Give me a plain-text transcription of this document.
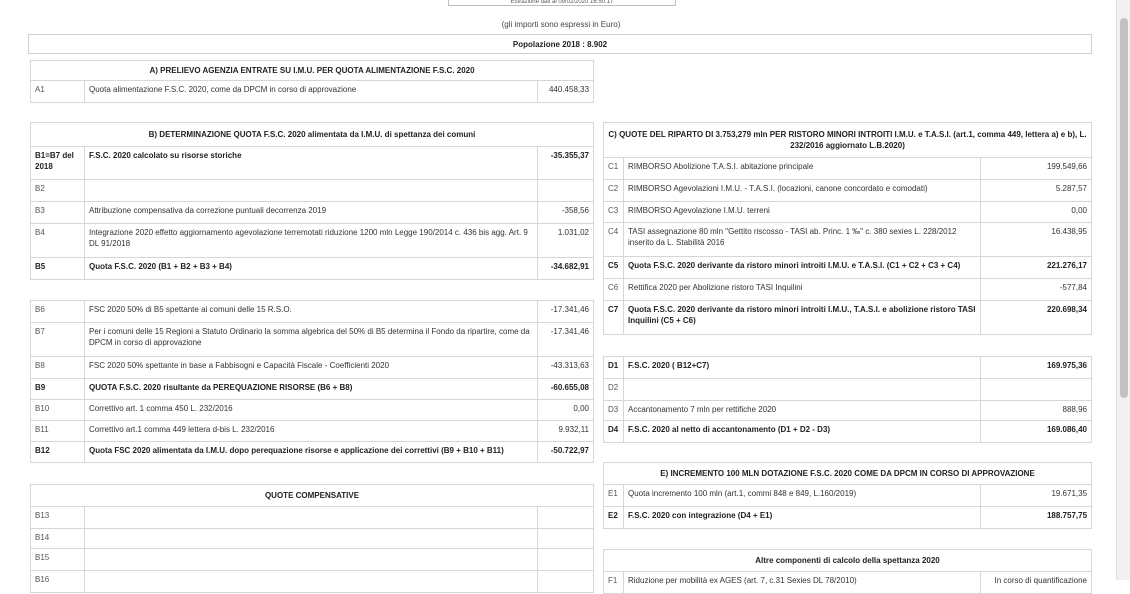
Estrazione dati al 09/02/2020 16:50:17
(gli importi sono espressi in Euro)
Popolazione 2018 : 8.902
A) PRELIEVO AGENZIA ENTRATE SU I.M.U. PER QUOTA ALIMENTAZIONE F.S.C. 2020
A1	Quota alimentazione F.S.C. 2020, come da DPCM in corso di approvazione	440.458,33
B) DETERMINAZIONE QUOTA F.S.C. 2020 alimentata da I.M.U. di spettanza dei comuni		
B1=B7 del 2018	F.S.C. 2020 calcolato su risorse storiche	-35.355,37
B2		
B3	Attribuzione compensativa da correzione puntuali decorrenza 2019	-358,56
B4	Integrazione 2020 effetto aggiornamento agevolazione terremotati riduzione 1200 mln Legge 190/2014 c. 436 bis agg. Art. 9 DL 91/2018	1.031,02
B5	Quota F.S.C. 2020 (B1 + B2 + B3 + B4)	-34.682,91

B6	FSC 2020 50% di B5 spettante ai comuni delle 15 R.S.O.	-17.341,46
B7	Per i comuni delle 15 Regioni a Statuto Ordinario la somma algebrica del 50% di B5 determina il Fondo da ripartire, come da DPCM in corso di approvazione	-17.341,46
B8	FSC 2020 50% spettante in base a Fabbisogni e Capacità Fiscale - Coefficienti 2020	-43.313,63
B9	QUOTA F.S.C. 2020 risultante da PEREQUAZIONE RISORSE (B6 + B8)	-60.655,08
B10	Correttivo art. 1 comma 450 L. 232/2016	0,00
B11	Correttivo art.1 comma 449 lettera d-bis L. 232/2016	9.932,11
B12	Quota FSC 2020 alimentata da I.M.U. dopo perequazione risorse e applicazione dei correttivi (B9 + B10 + B11)	-50.722,97
QUOTE COMPENSATIVE		
B13		
B14		
B15		
B16		
C) QUOTE DEL RIPARTO DI 3.753,279 mln PER RISTORO MINORI INTROITI I.M.U. e T.A.S.I. (art.1, comma 449, lettera a) e b), L. 232/2016 aggiornato L.B.2020)		
C1	RIMBORSO Abolizione T.A.S.I. abitazione principale	199.549,66
C2	RIMBORSO Agevolazioni I.M.U. - T.A.S.I. (locazioni, canone concordato e comodati)	5.287,57
C3	RIMBORSO Agevolazione I.M.U. terreni	0,00
C4	TASI assegnazione 80 mln "Gettito riscosso - TASI ab. Princ. 1 ‰" c. 380 sexies L. 228/2012 inserito da L. Stabilità 2016	16.438,95
C5	Quota F.S.C. 2020 derivante da ristoro minori introiti I.M.U. e T.A.S.I. (C1 + C2 + C3 + C4)	221.276,17
C6	Rettifica 2020 per Abolizione ristoro TASI Inquilini	-577,84
C7	Quota F.S.C. 2020 derivante da ristoro minori introiti I.M.U., T.A.S.I. e abolizione ristoro TASI Inquilini (C5 + C6)	220.698,34
D1	F.S.C. 2020 ( B12+C7)	169.975,36
D2		
D3	Accantonamento 7 mln per rettifiche 2020	888,96
D4	F.S.C. 2020 al netto di accantonamento (D1 + D2 - D3)	169.086,40
E) INCREMENTO 100 MLN DOTAZIONE F.S.C. 2020 COME DA DPCM IN CORSO DI APPROVAZIONE		
E1	Quota incremento 100 mln (art.1, commi 848 e 849, L.160/2019)	19.671,35
E2	F.S.C. 2020 con integrazione (D4 + E1)	188.757,75
Altre componenti di calcolo della spettanza 2020
F1	Riduzione per mobilità ex AGES (art. 7, c.31 Sexies DL 78/2010)	In corso di quantificazione
